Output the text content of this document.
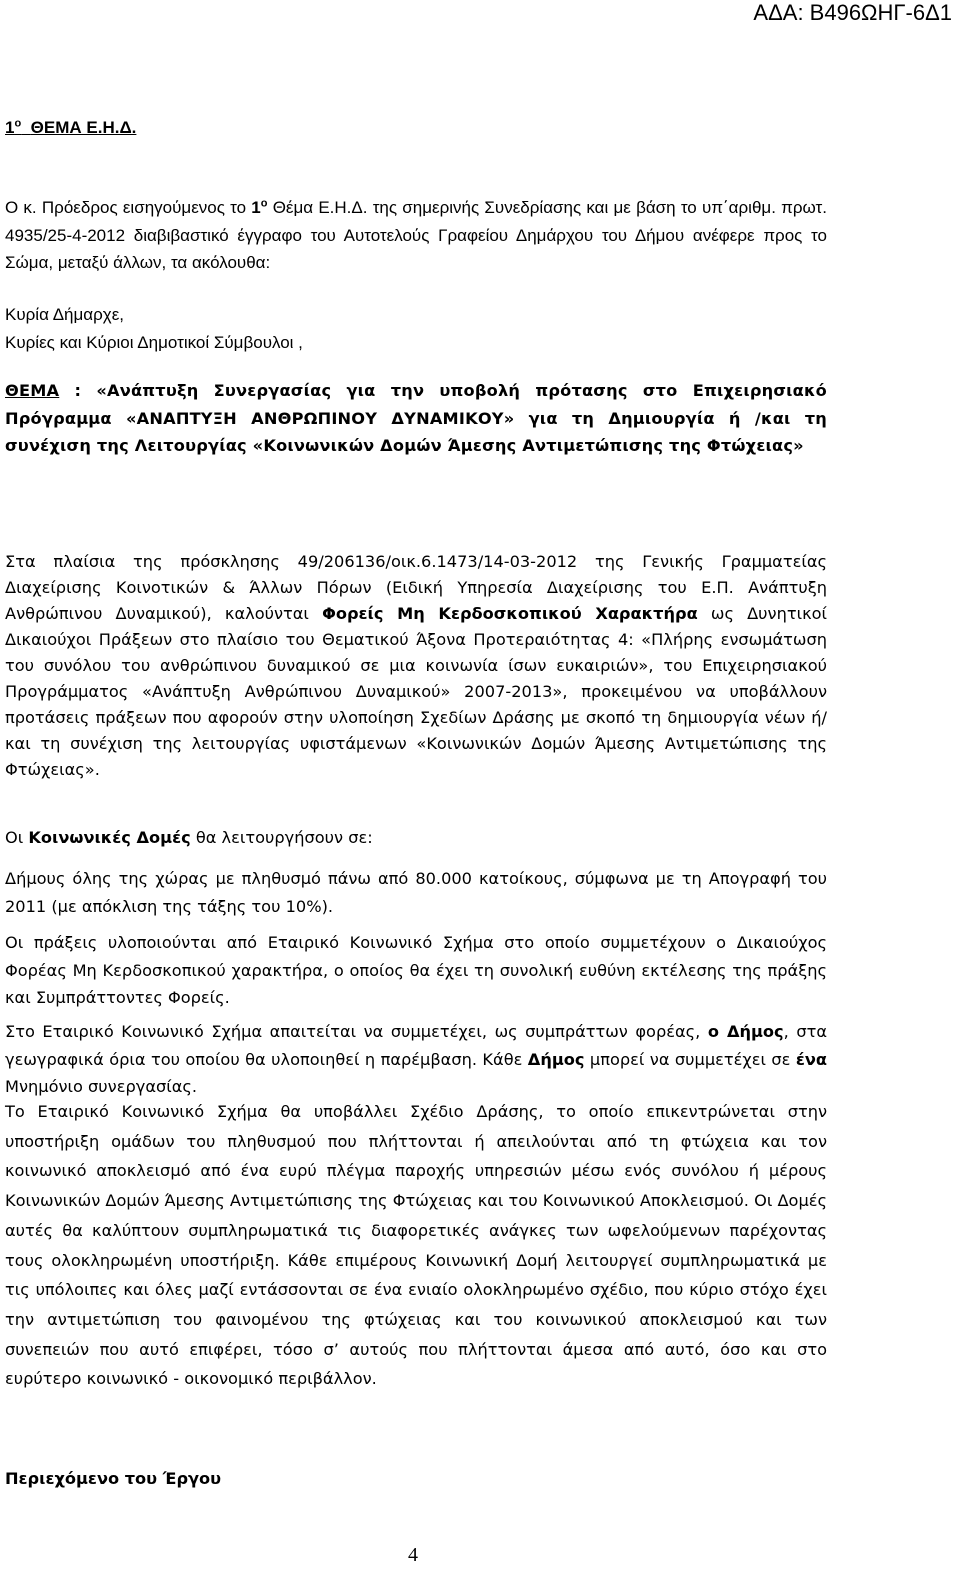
ΑΔΑ: Β496ΩΗΓ-6Δ1

$1^o$ ΘΕΜΑ Ε.Η.Δ.

Ο κ. Πρόεδρος εισηγούμενος το $1^o$ Θέμα Ε.Η.Δ. της σημερινής Συνεδρίασης και με βάση το υπ΄αριθμ. πρωτ. 4935/25-4-2012 διαβιβαστικό έγγραφο του Αυτοτελούς Γραφείου Δημάρχου του Δήμου ανέφερε προς το Σώμα, μεταξύ άλλων, τα ακόλουθα:

Κυρία Δήμαρχε,
Κυρίες και Κύριοι Δημοτικοί Σύμβουλοι ,

ΘΕΜΑ : «Ανάπτυξη Συνεργασίας για την υποβολή πρότασης στο Επιχειρησιακό Πρόγραμμα «ΑΝΑΠΤΥΞΗ ΑΝΘΡΩΠΙΝΟΥ ΔΥΝΑΜΙΚΟΥ» για τη Δημιουργία ή /και τη συνέχιση της Λειτουργίας «Κοινωνικών Δομών Άμεσης Αντιμετώπισης της Φτώχειας»

Στα πλαίσια της πρόσκλησης 49/206136/οικ.6.1473/14-03-2012 της Γενικής Γραμματείας Διαχείρισης Κοινοτικών & Άλλων Πόρων (Ειδική Υπηρεσία Διαχείρισης του Ε.Π. Ανάπτυξη Ανθρώπινου Δυναμικού), καλούνται Φορείς Μη Κερδοσκοπικού Χαρακτήρα ως Δυνητικοί Δικαιούχοι Πράξεων στο πλαίσιο του Θεματικού Άξονα Προτεραιότητας 4: «Πλήρης ενσωμάτωση του συνόλου του ανθρώπινου δυναμικού σε μια κοινωνία ίσων ευκαιριών», του Επιχειρησιακού Προγράμματος «Ανάπτυξη Ανθρώπινου Δυναμικού» 2007-2013», προκειμένου να υποβάλλουν προτάσεις πράξεων που αφορούν στην υλοποίηση Σχεδίων Δράσης με σκοπό τη δημιουργία νέων ή/και τη συνέχιση της λειτουργίας υφιστάμενων «Κοινωνικών Δομών Άμεσης Αντιμετώπισης της Φτώχειας».

Οι Κοινωνικές Δομές θα λειτουργήσουν σε:

Δήμους όλης της χώρας με πληθυσμό πάνω από 80.000 κατοίκους, σύμφωνα με τη Απογραφή του 2011 (με απόκλιση της τάξης του 10%).

Οι πράξεις υλοποιούνται από Εταιρικό Κοινωνικό Σχήμα στο οποίο συμμετέχουν ο Δικαιούχος Φορέας Μη Κερδοσκοπικού χαρακτήρα, ο οποίος θα έχει τη συνολική ευθύνη εκτέλεσης της πράξης και Συμπράττοντες Φορείς.

Στο Εταιρικό Κοινωνικό Σχήμα απαιτείται να συμμετέχει, ως συμπράττων φορέας, ο Δήμος, στα γεωγραφικά όρια του οποίου θα υλοποιηθεί η παρέμβαση. Κάθε Δήμος μπορεί να συμμετέχει σε ένα Μνημόνιο συνεργασίας.

Το Εταιρικό Κοινωνικό Σχήμα θα υποβάλλει Σχέδιο Δράσης, το οποίο επικεντρώνεται στην υποστήριξη ομάδων του πληθυσμού που πλήττονται ή απειλούνται από τη φτώχεια και τον κοινωνικό αποκλεισμό από ένα ευρύ πλέγμα παροχής υπηρεσιών μέσω ενός συνόλου ή μέρους Κοινωνικών Δομών Άμεσης Αντιμετώπισης της Φτώχειας και του Κοινωνικού Αποκλεισμού. Οι Δομές αυτές θα καλύπτουν συμπληρωματικά τις διαφορετικές ανάγκες των ωφελούμενων παρέχοντας τους ολοκληρωμένη υποστήριξη. Κάθε επιμέρους Κοινωνική Δομή λειτουργεί συμπληρωματικά με τις υπόλοιπες και όλες μαζί εντάσσονται σε ένα ενιαίο ολοκληρωμένο σχέδιο, που κύριο στόχο έχει την αντιμετώπιση του φαινομένου της φτώχειας και του κοινωνικού αποκλεισμού και των συνεπειών που αυτό επιφέρει, τόσο σ’ αυτούς που πλήττονται άμεσα από αυτό, όσο και στο ευρύτερο κοινωνικό - οικονομικό περιβάλλον.

Περιεχόμενο του Έργου

4
